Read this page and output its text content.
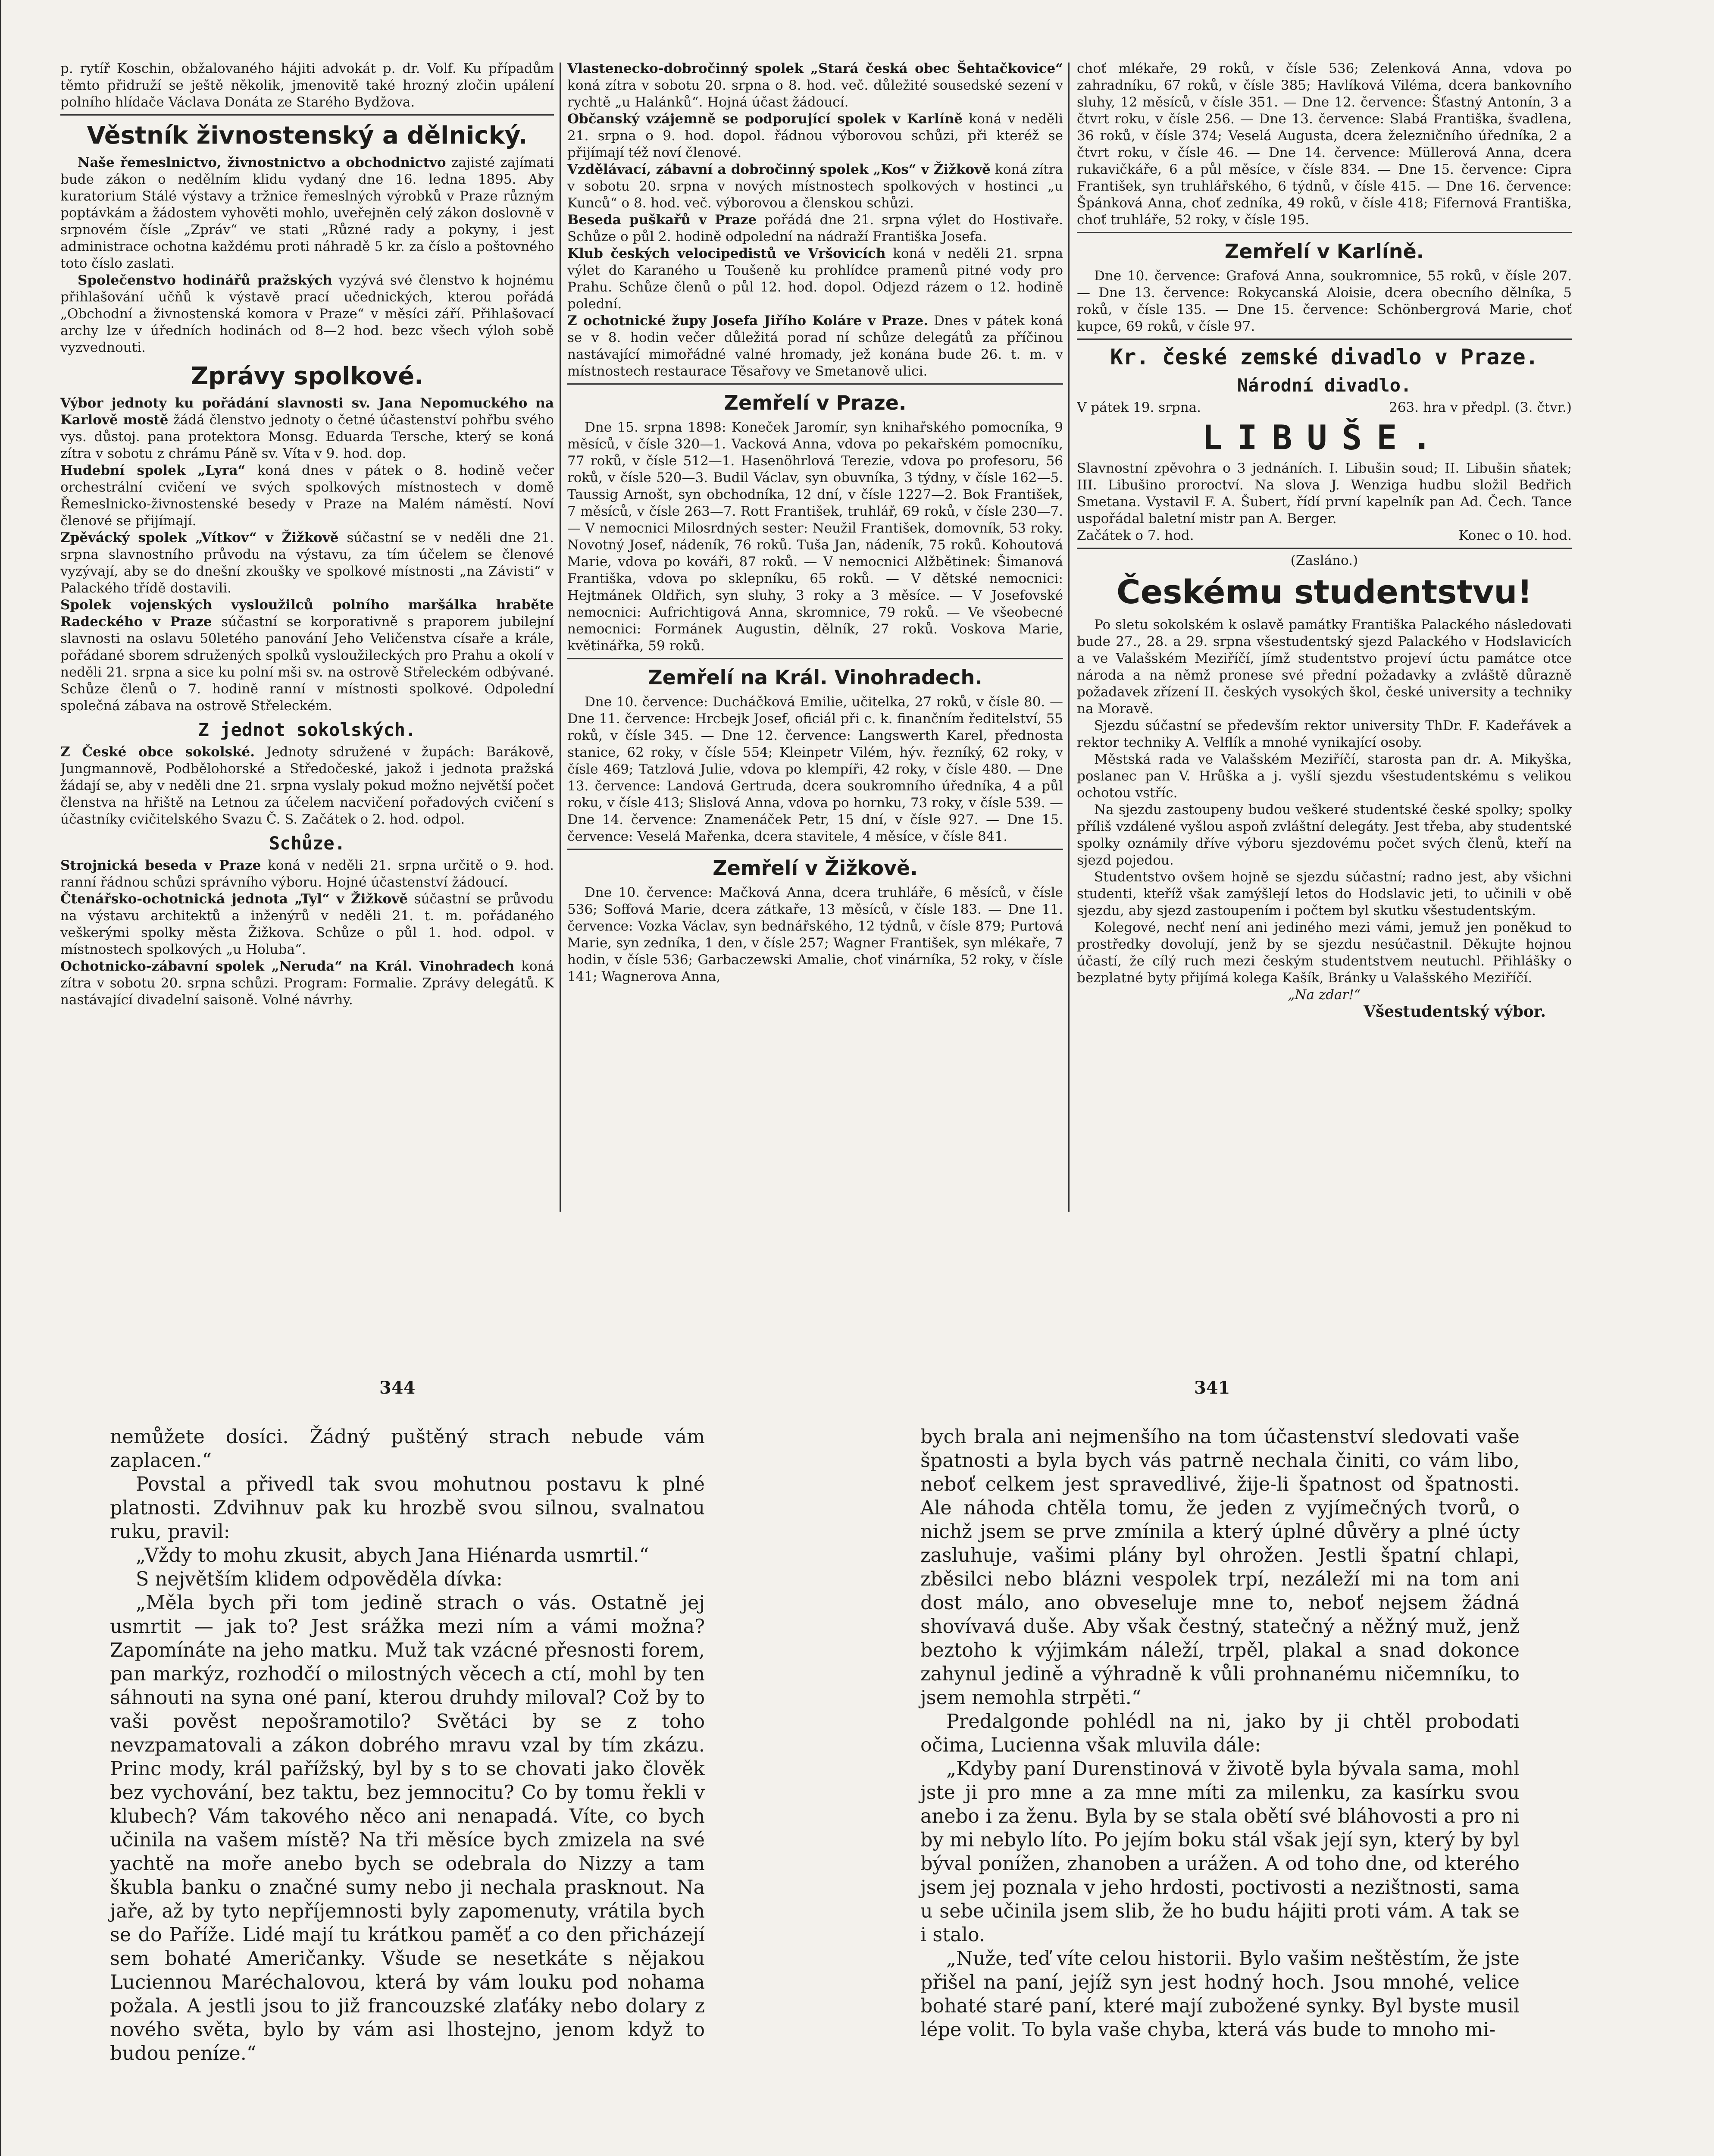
p. rytíř Koschin, obžalovaného hájiti advokát p. dr. Volf. Ku případům těmto přidruží se ještě několik, jmenovitě také hrozný zločin upálení polního hlídače Václava Donáta ze Starého Bydžova.

Věstník živnostenský a dělnický.

Naše řemeslnictvo, živnostnictvo a obchodnictvo zajisté zajímati bude zákon o nedělním klidu vydaný dne 16. ledna 1895. Aby kuratorium Stálé výstavy a tržnice řemeslných výrobků v Praze různým poptávkám a žádostem vyhověti mohlo, uveřejněn celý zákon doslovně v srpnovém čísle „Zpráv“ ve stati „Různé rady a pokyny, i jest administrace ochotna každému proti náhradě 5 kr. za číslo a poštovného toto číslo zaslati.

Společenstvo hodinářů pražských vyzývá své členstvo k hojnému přihlašování učňů k výstavě prací učednických, kterou pořádá „Obchodní a živnostenská komora v Praze“ v měsíci září. Přihlašovací archy lze v úředních hodinách od 8—2 hod. bezc všech výloh sobě vyzvednouti.

Zprávy spolkové.

Výbor jednoty ku pořádání slavnosti sv. Jana Nepomuckého na Karlově mostě žádá členstvo jednoty o četné účastenství pohřbu svého vys. důstoj. pana protektora Monsg. Eduarda Tersche, který se koná zítra v sobotu z chrámu Páně sv. Víta v 9. hod. dop.

Hudební spolek „Lyra“ koná dnes v pátek o 8. hodině večer orchestrální cvičení ve svých spolkových místnostech v domě Řemeslnicko-živnostenské besedy v Praze na Malém náměstí. Noví členové se přijímají.

Zpěvácký spolek „Vítkov“ v Žižkově súčastní se v neděli dne 21. srpna slavnostního průvodu na výstavu, za tím účelem se členové vyzývají, aby se do dnešní zkoušky ve spolkové místnosti „na Závisti“ v Palackého třídě dostavili.

Spolek vojenských vysloužilců polního maršálka hraběte Radeckého v Praze súčastní se korporativně s praporem jubilejní slavnosti na oslavu 50letého panování Jeho Veličenstva císaře a krále, pořádané sborem sdružených spolků vysloužileckých pro Prahu a okolí v neděli 21. srpna a sice ku polní mši sv. na ostrově Střeleckém odbývané. Schůze členů o 7. hodině ranní v místnosti spolkové. Odpolední společná zábava na ostrově Střeleckém.

Z jednot sokolských.

Z České obce sokolské. Jednoty sdružené v župách: Barákově, Jungmannově, Podbělohorské a Středočeské, jakož i jednota pražská žádají se, aby v neděli dne 21. srpna vyslaly pokud možno největší počet členstva na hřiště na Letnou za účelem nacvičení pořadových cvičení s účastníky cvičitelského Svazu Č. S. Začátek o 2. hod. odpol.

Schůze.

Strojnická beseda v Praze koná v neděli 21. srpna určitě o 9. hod. ranní řádnou schůzi správního výboru. Hojné účastenství žádoucí.

Čtenářsko-ochotnická jednota „Tyl“ v Žižkově súčastní se průvodu na výstavu architektů a inženýrů v neděli 21. t. m. pořádaného veškerými spolky města Žižkova. Schůze o půl 1. hod. odpol. v místnostech spolkových „u Holuba“.

Ochotnicko-zábavní spolek „Neruda“ na Král. Vinohradech koná zítra v sobotu 20. srpna schůzi. Program: Formalie. Zprávy delegátů. K nastávající divadelní saisoně. Volné návrhy.

Vlastenecko-dobročinný spolek „Stará česká obec Šehtačkovice“ koná zítra v sobotu 20. srpna o 8. hod. več. důležité sousedské sezení v rychtě „u Halánků“. Hojná účast žádoucí.

Občanský vzájemně se podporující spolek v Karlíně koná v neděli 21. srpna o 9. hod. dopol. řádnou výborovou schůzi, při kteréž se přijímají též noví členové.

Vzdělávací, zábavní a dobročinný spolek „Kos“ v Žižkově koná zítra v sobotu 20. srpna v nových místnostech spolkových v hostinci „u Kunců“ o 8. hod. več. výborovou a členskou schůzi.

Beseda puškařů v Praze pořádá dne 21. srpna výlet do Hostivaře. Schůze o půl 2. hodině odpolední na nádraží Františka Josefa.

Klub českých velocipedistů ve Vršovicích koná v neděli 21. srpna výlet do Karaného u Toušeně ku prohlídce pramenů pitné vody pro Prahu. Schůze členů o půl 12. hod. dopol. Odjezd rázem o 12. hodině polední.

Z ochotnické župy Josefa Jiřího Koláre v Praze. Dnes v pátek koná se v 8. hodin večer důležitá porad ní schůze delegátů za příčinou nastávající mimořádné valné hromady, jež konána bude 26. t. m. v místnostech restaurace Těsařovy ve Smetanově ulici.

Zemřelí v Praze.

Dne 15. srpna 1898: Koneček Jaromír, syn knihařského pomocníka, 9 měsíců, v čísle 320—1. Vacková Anna, vdova po pekařském pomocníku, 77 roků, v čísle 512—1. Hasenöhrlová Terezie, vdova po profesoru, 56 roků, v čísle 520—3. Budil Václav, syn obuvníka, 3 týdny, v čísle 162—5. Taussig Arnošt, syn obchodníka, 12 dní, v čísle 1227—2. Bok František, 7 měsíců, v čísle 263—7. Rott František, truhlář, 69 roků, v čísle 230—7. — V nemocnici Milosrdných sester: Neužil František, domovník, 53 roky. Novotný Josef, nádeník, 76 roků. Tuša Jan, nádeník, 75 roků. Kohoutová Marie, vdova po kováři, 87 roků. — V nemocnici Alžbětinek: Šimanová Františka, vdova po sklepníku, 65 roků. — V dětské nemocnici: Hejtmánek Oldřich, syn sluhy, 3 roky a 3 měsíce. — V Josefovské nemocnici: Aufrichtigová Anna, skromnice, 79 roků. — Ve všeobecné nemocnici: Formánek Augustin, dělník, 27 roků. Voskova Marie, květinářka, 59 roků.

Zemřelí na Král. Vinohradech.

Dne 10. července: Ducháčková Emilie, učitelka, 27 roků, v čísle 80. — Dne 11. července: Hrcbejk Josef, oficiál při c. k. finančním ředitelství, 55 roků, v čísle 345. — Dne 12. července: Langswerth Karel, přednosta stanice, 62 roky, v čísle 554; Kleinpetr Vilém, hýv. řezníký, 62 roky, v čísle 469; Tatzlová Julie, vdova po klempíři, 42 roky, v čísle 480. — Dne 13. července: Landová Gertruda, dcera soukromního úředníka, 4 a půl roku, v čísle 413; Slislová Anna, vdova po hornku, 73 roky, v čísle 539. — Dne 14. července: Znamenáček Petr, 15 dní, v čísle 927. — Dne 15. července: Veselá Mařenka, dcera stavitele, 4 měsíce, v čísle 841.

Zemřelí v Žižkově.

Dne 10. července: Mačková Anna, dcera truhláře, 6 měsíců, v čísle 536; Soffová Marie, dcera zátkaře, 13 měsíců, v čísle 183. — Dne 11. července: Vozka Václav, syn bednářského, 12 týdnů, v čísle 879; Purtová Marie, syn zedníka, 1 den, v čísle 257; Wagner František, syn mlékaře, 7 hodin, v čísle 536; Garbaczewski Amalie, choť vinárníka, 52 roky, v čísle 141; Wagnerova Anna,

choť mlékaře, 29 roků, v čísle 536; Zelenková Anna, vdova po zahradníku, 67 roků, v čísle 385; Havlíková Viléma, dcera bankovního sluhy, 12 měsíců, v čísle 351. — Dne 12. července: Šťastný Antonín, 3 a čtvrt roku, v čísle 256. — Dne 13. července: Slabá Františka, švadlena, 36 roků, v čísle 374; Veselá Augusta, dcera železničního úředníka, 2 a čtvrt roku, v čísle 46. — Dne 14. července: Müllerová Anna, dcera rukavičkáře, 6 a půl měsíce, v čísle 834. — Dne 15. července: Cipra František, syn truhlářského, 6 týdnů, v čísle 415. — Dne 16. července: Špánková Anna, choť zedníka, 49 roků, v čísle 418; Fifernová Františka, choť truhláře, 52 roky, v čísle 195.

Zemřelí v Karlíně.

Dne 10. července: Grafová Anna, soukromnice, 55 roků, v čísle 207. — Dne 13. července: Rokycanská Aloisie, dcera obecního dělníka, 5 roků, v čísle 135. — Dne 15. července: Schönbergrová Marie, choť kupce, 69 roků, v čísle 97.

Kr. české zemské divadlo v Praze.
Národní divadlo.
V pátek 19. srpna.	263. hra v předpl. (3. čtvr.)
LIBUŠE.

Slavnostní zpěvohra o 3 jednáních. I. Libušin soud; II. Libušin sňatek; III. Libušino proroctví. Na slova J. Wenziga hudbu složil Bedřich Smetana. Vystavil F. A. Šubert, řídí první kapelník pan Ad. Čech. Tance uspořádal baletní mistr pan A. Berger.

Začátek o 7. hod.	Konec o 10. hod.
(Zasláno.)
Českému studentstvu!

Po sletu sokolském k oslavě památky Františka Palackého následovati bude 27., 28. a 29. srpna všestudentský sjezd Palackého v Hodslavicích a ve Valašském Meziříčí, jímž studentstvo projeví úctu památce otce národa a na němž pronese své přední požadavky a zvláště důrazně požadavek zřízení II. českých vysokých škol, české university a techniky na Moravě.

Sjezdu súčastní se především rektor university ThDr. F. Kadeřávek a rektor techniky A. Velflík a mnohé vynikající osoby.

Městská rada ve Valašském Meziříčí, starosta pan dr. A. Mikyška, poslanec pan V. Hrůška a j. vyšlí sjezdu všestudentskému s velikou ochotou vstříc.

Na sjezdu zastoupeny budou veškeré studentské české spolky; spolky příliš vzdálené vyšlou aspoň zvláštní delegáty. Jest třeba, aby studentské spolky oznámily dříve výboru sjezdovému počet svých členů, kteří na sjezd pojedou.

Studentstvo ovšem hojně se sjezdu súčastní; radno jest, aby všichni studenti, kteříž však zamýšlejí letos do Hodslavic jeti, to učinili v obě sjezdu, aby sjezd zastoupením i počtem byl skutku všestudentským.

Kolegové, nechť není ani jediného mezi vámi, jemuž jen poněkud to prostředky dovolují, jenž by se sjezdu nesúčastnil. Děkujte hojnou účastí, že cílý ruch mezi českým studentstvem neutuchl. Přihlášky o bezplatné byty přijímá kolega Kašík, Bránky u Valašského Meziříčí.

„Na zdar!“
Všestudentský výbor.
344	341

nemůžete dosíci. Žádný puštěný strach nebude vám zaplacen.“

Povstal a přivedl tak svou mohutnou postavu k plné platnosti. Zdvihnuv pak ku hrozbě svou silnou, svalnatou ruku, pravil:

„Vždy to mohu zkusit, abych Jana Hiénarda usmrtil.“

S největším klidem odpověděla dívka:

„Měla bych při tom jedině strach o vás. Ostatně jej usmrtit — jak to? Jest srážka mezi ním a vámi možna? Zapomínáte na jeho matku. Muž tak vzácné přesnosti forem, pan markýz, rozhodčí o milostných věcech a ctí, mohl by ten sáhnouti na syna oné paní, kterou druhdy miloval? Což by to vaši pověst nepošramotilo? Světáci by se z toho nevzpamatovali a zákon dobrého mravu vzal by tím zkázu. Princ mody, král pařížský, byl by s to se chovati jako člověk bez vychování, bez taktu, bez jemnocitu? Co by tomu řekli v klubech? Vám takového něco ani nenapadá. Víte, co bych učinila na vašem místě? Na tři měsíce bych zmizela na své yachtě na moře anebo bych se odebrala do Nizzy a tam škubla banku o značné sumy nebo ji nechala prasknout. Na jaře, až by tyto nepříjemnosti byly zapomenuty, vrátila bych se do Paříže. Lidé mají tu krátkou paměť a co den přicházejí sem bohaté Američanky. Všude se nesetkáte s nějakou Luciennou Maréchalovou, která by vám louku pod nohama požala. A jestli jsou to již francouzské zlaťáky nebo dolary z nového světa, bylo by vám asi lhostejno, jenom když to budou peníze.“

bych brala ani nejmenšího na tom účastenství sledovati vaše špatnosti a byla bych vás patrně nechala činiti, co vám libo, neboť celkem jest spravedlivé, žije-li špatnost od špatnosti. Ale náhoda chtěla tomu, že jeden z vyjímečných tvorů, o nichž jsem se prve zmínila a který úplné důvěry a plné úcty zasluhuje, vašimi plány byl ohrožen. Jestli špatní chlapi, zběsilci nebo blázni vespolek trpí, nezáleží mi na tom ani dost málo, ano obveseluje mne to, neboť nejsem žádná shovívavá duše. Aby však čestný, statečný a něžný muž, jenž beztoho k výjimkám náleží, trpěl, plakal a snad dokonce zahynul jedině a výhradně k vůli prohnanému ničemníku, to jsem nemohla strpěti.“

Predalgonde pohlédl na ni, jako by ji chtěl probodati očima, Lucienna však mluvila dále:

„Kdyby paní Durenstinová v životě byla bývala sama, mohl jste ji pro mne a za mne míti za milenku, za kasírku svou anebo i za ženu. Byla by se stala obětí své bláhovosti a pro ni by mi nebylo líto. Po jejím boku stál však její syn, který by byl býval ponížen, zhanoben a urážen. A od toho dne, od kterého jsem jej poznala v jeho hrdosti, poctivosti a nezištnosti, sama u sebe učinila jsem slib, že ho budu hájiti proti vám. A tak se i stalo.

„Nuže, teď víte celou historii. Bylo vašim neštěstím, že jste přišel na paní, jejíž syn jest hodný hoch. Jsou mnohé, velice bohaté staré paní, které mají zubožené synky. Byl byste musil lépe volit. To byla vaše chyba, která vás bude to mnoho mi-
